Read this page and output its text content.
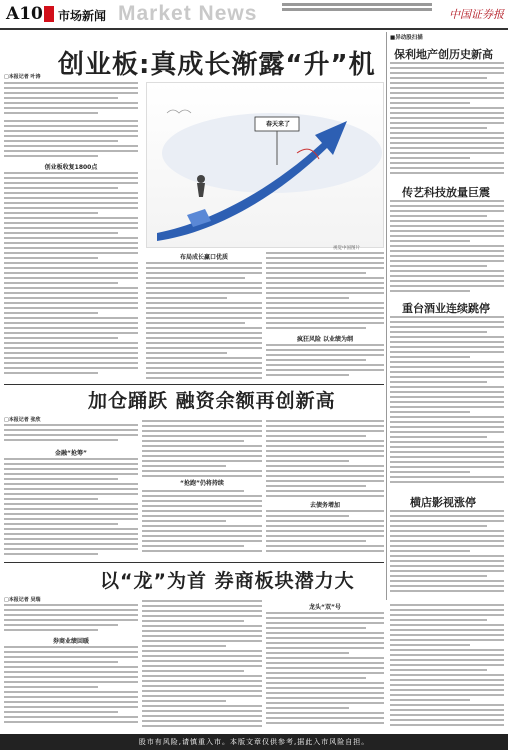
A10 市场新闻 Market News	中国证券报
创业板:真成长渐露“升”机
□本报记者 叶涛
创业板收复1800点
春天来了
视觉中国图片
布局成长赢口优质
疯狂风险 以业绩为纲
加仓踊跃 融资余额再创新高
□本报记者 张欣
金融“抢筹”
“抢跑”仍将持续
去债务增加
以“龙”为首 券商板块潜力大
□本报记者 吴瑞
券商业绩回暖
龙头“双”号
■异动股扫描
保利地产创历史新高
传艺科技放量巨震
重台酒业连续跳停
横店影视涨停
股市有风险,请慎重入市。本版文章仅供参考,据此入市风险自担。
